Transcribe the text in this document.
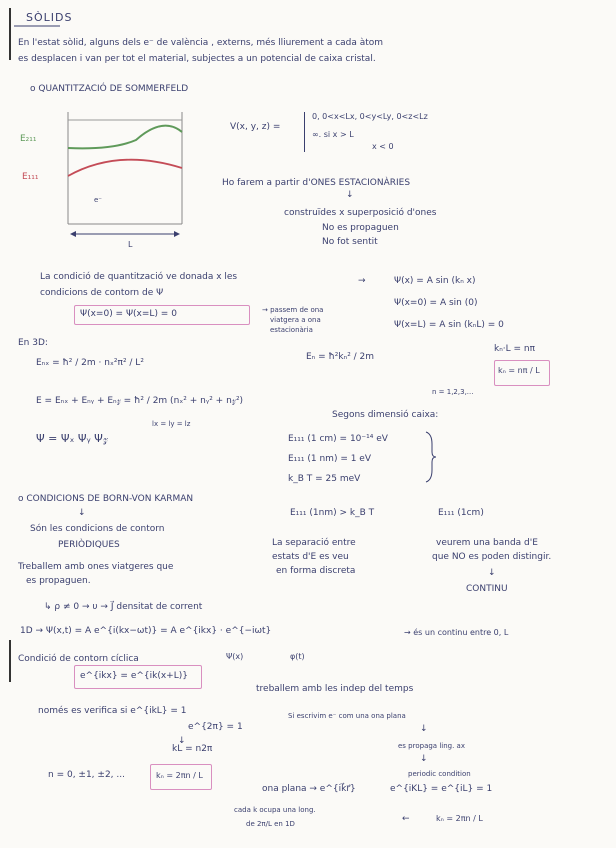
SÒLIDS
En l'estat sòlid, alguns dels e⁻ de valència , externs, més lliurement a cada àtom
es desplacen i van per tot el material, subjectes a un potencial de caixa cristal.
o QUANTITZACIÓ DE SOMMERFELD
E₂₁₁
E₁₁₁
e⁻
L
V(x, y, z) =
0, 0<x<Lx, 0<y<Ly, 0<z<Lz
∞. si x > L
x < 0
Ho farem a partir d'ONES ESTACIONÀRIES
↓
construïdes x superposició d'ones
No es propaguen
No fot sentit
La condició de quantització ve donada x les
condicions de contorn de Ψ
→
Ψ(x=0) = Ψ(x=L) = 0	→ passem de ona
viatgera a ona
estacionària
Ψ(x) = A sin (kₙ x)
Ψ(x=0) = A sin (0)
Ψ(x=L) = A sin (kₙL) = 0
kₙ·L = nπ
kₙ = nπ / L
n = 1,2,3,...
En 3D:
Eₙₓ = ħ² / 2m · nₓ²π² / L²
Eₙ = ħ²kₙ² / 2m
E = Eₙₓ + Eₙᵧ + Eₙ𝓏 = ħ² / 2m (nₓ² + nᵧ² + n𝓏²)
lx = ly = lz
Ψ = Ψₓ Ψᵧ Ψ𝓏
Segons dimensió caixa:
E₁₁₁ (1 cm) = 10⁻¹⁴ eV
E₁₁₁ (1 nm) = 1 eV
k_B T = 25 meV
o CONDICIONS DE BORN-VON KARMAN
↓
Són les condicions de contorn
PERIÒDIQUES
Treballem amb ones viatgeres que
es propaguen.
E₁₁₁ (1nm) > k_B T	E₁₁₁ (1cm)
La separació entre
estats d'E es veu
en forma discreta
veurem una banda d'E
que NO es poden distingir.
↓
CONTINU
↳ ρ ≠ 0 → υ → J⃗ densitat de corrent
1D → Ψ(x,t) = A e^{i(kx−ωt)} = A e^{ikx} · e^{−iωt}	→ és un continu entre 0, L
Ψ(x)	φ(t)
Condició de contorn cíclica
e^{ikx} = e^{ik(x+L)}
treballem amb les indep del temps
només es verifica si e^{ikL} = 1
e^{2π} = 1
↓
kL = n2π
n = 0, ±1, ±2, ...	kₙ = 2πn / L
Si escrivim e⁻ com una ona plana
↓
es propaga ling. ax
↓
periodic condition
e^{iKL} = e^{iL} = 1
ona plana → e^{ik⃗r⃗}
cada k ocupa una long.
de 2π/L en 1D	←	kₙ = 2πn / L
